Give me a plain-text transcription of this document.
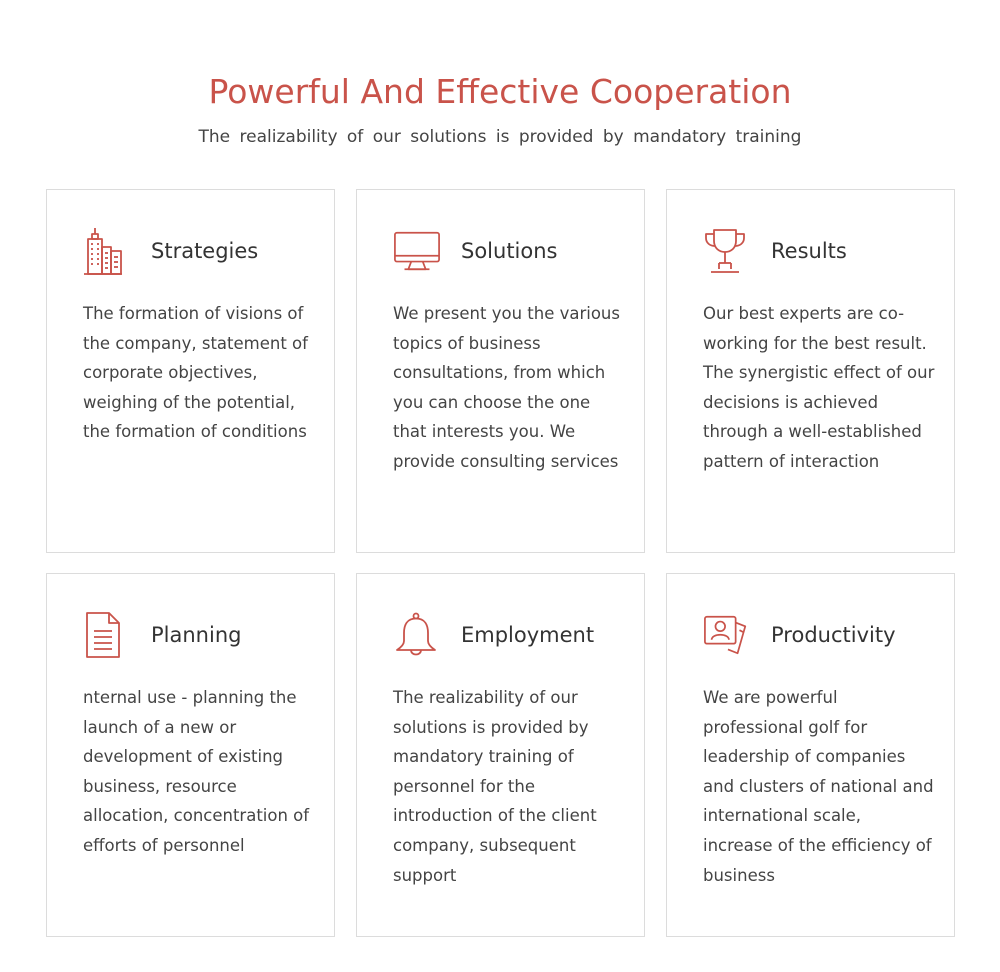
Powerful And Effective Cooperation

The realizability of our solutions is provided by mandatory training

Strategies

The formation of visions of the company, statement of corporate objectives, weighing of the potential, the formation of conditions

Solutions

We present you the various topics of business consultations, from which you can choose the one that interests you. We provide consulting services

Results

Our best experts are co-working for the best result. The synergistic effect of our decisions is achieved through a well-established pattern of interaction

Planning

nternal use - planning the launch of a new or development of existing business, resource allocation, concentration of efforts of personnel

Employment

The realizability of our solutions is provided by mandatory training of personnel for the introduction of the client company, subsequent support

Productivity

We are powerful professional golf for leadership of companies and clusters of national and international scale, increase of the efficiency of business
